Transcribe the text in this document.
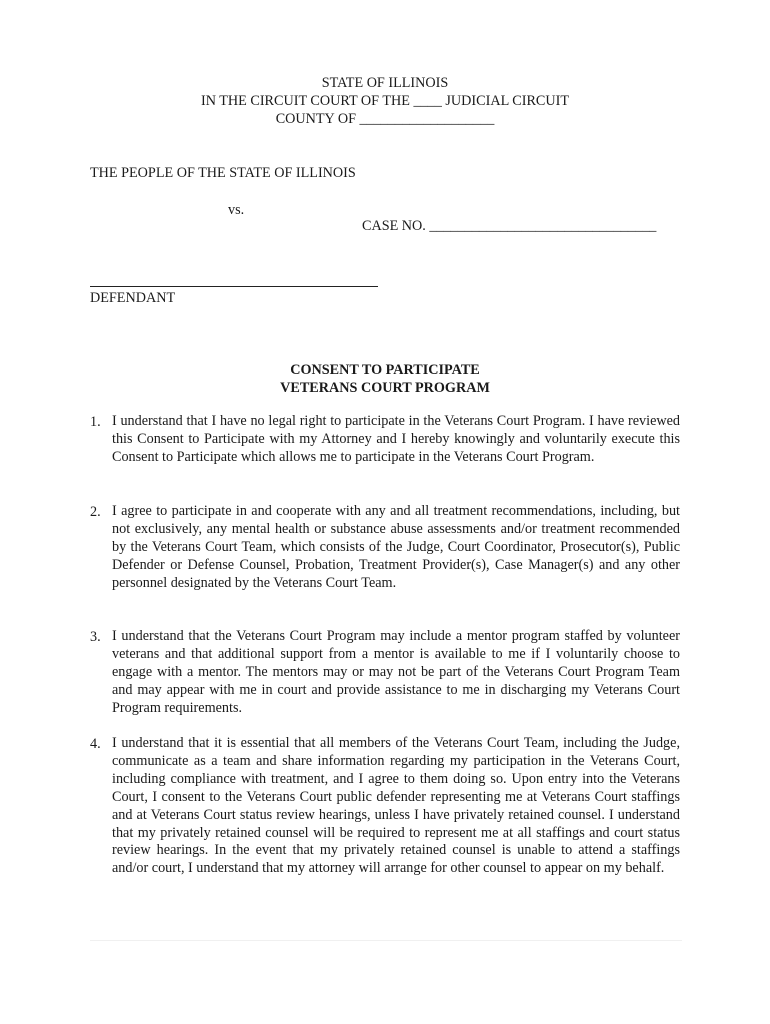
STATE OF ILLINOIS
IN THE CIRCUIT COURT OF THE ____ JUDICIAL CIRCUIT
COUNTY OF ___________________
THE PEOPLE OF THE STATE OF ILLINOIS
vs.
CASE NO. ________________________________
DEFENDANT
CONSENT TO PARTICIPATE
VETERANS COURT PROGRAM
1. I understand that I have no legal right to participate in the Veterans Court Program. I have reviewed this Consent to Participate with my Attorney and I hereby knowingly and voluntarily execute this Consent to Participate which allows me to participate in the Veterans Court Program.
2. I agree to participate in and cooperate with any and all treatment recommendations, including, but not exclusively, any mental health or substance abuse assessments and/or treatment recommended by the Veterans Court Team, which consists of the Judge, Court Coordinator, Prosecutor(s), Public Defender or Defense Counsel, Probation, Treatment Provider(s), Case Manager(s) and any other personnel designated by the Veterans Court Team.
3. I understand that the Veterans Court Program may include a mentor program staffed by volunteer veterans and that additional support from a mentor is available to me if I voluntarily choose to engage with a mentor. The mentors may or may not be part of the Veterans Court Program Team and may appear with me in court and provide assistance to me in discharging my Veterans Court Program requirements.
4. I understand that it is essential that all members of the Veterans Court Team, including the Judge, communicate as a team and share information regarding my participation in the Veterans Court, including compliance with treatment, and I agree to them doing so. Upon entry into the Veterans Court, I consent to the Veterans Court public defender representing me at Veterans Court staffings and at Veterans Court status review hearings, unless I have privately retained counsel. I understand that my privately retained counsel will be required to represent me at all staffings and court status review hearings. In the event that my privately retained counsel is unable to attend a staffings and/or court, I understand that my attorney will arrange for other counsel to appear on my behalf.
